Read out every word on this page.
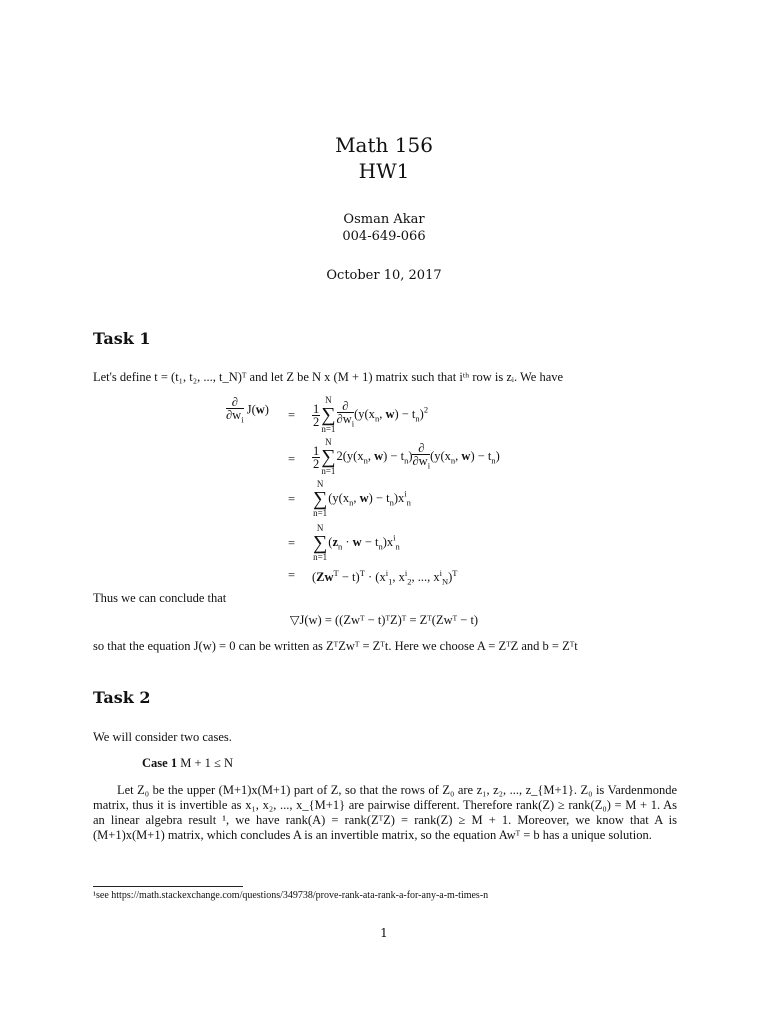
Math 156
HW1
Osman Akar
004-649-066
October 10, 2017
Task 1
Let's define t = (t₁, t₂, ..., t_N)ᵀ and let Z be N x (M + 1) matrix such that iᵗʰ row is zᵢ. We have
$\frac{\partial}{\partial w_i} J(w) = \frac{1}{2}$
N
∑
$n=1 \frac{\partial}{\partial w_i} (y(x_n$, $w) - t_n)^2$
= $\frac{1}{2}$
N
∑
n=1
$2(y(x_n$, $w) - t_n) \frac{\partial}{\partial w_i} (y(x_n$, $w) - t_n$)
=
N
∑
n=1
($y(x_n$, $w) - t_n)x^i_n$
=
N
∑
n=1
$(z_n \cdot w - t_n)x^i_n$
= $(Zw^T - t)^T \cdot (x^i_1$, $x^i_2$, ..., $x^i_N)^T$
Thus we can conclude that
▽J(w) = ((Zwᵀ − t)ᵀZ)ᵀ = Zᵀ(Zwᵀ − t)
so that the equation J(w) = 0 can be written as ZᵀZwᵀ = Zᵀt. Here we choose A = ZᵀZ and b = Zᵀt
Task 2
We will consider two cases.
Case 1 M + 1 ≤ N
Let Z₀ be the upper (M+1)x(M+1) part of Z, so that the rows of Z₀ are z₁, z₂, ..., z_{M+1}. Z₀ is Vardenmonde matrix, thus it is invertible as x₁, x₂, ..., x_{M+1} are pairwise different. Therefore rank(Z) ≥ rank(Z₀) = M + 1. As an linear algebra result ¹, we have rank(A) = rank(ZᵀZ) = rank(Z) ≥ M + 1. Moreover, we know that A is (M+1)x(M+1) matrix, which concludes A is an invertible matrix, so the equation Awᵀ = b has a unique solution.
¹see https://math.stackexchange.com/questions/349738/prove-rank-ata-rank-a-for-any-a-m-times-n
1
